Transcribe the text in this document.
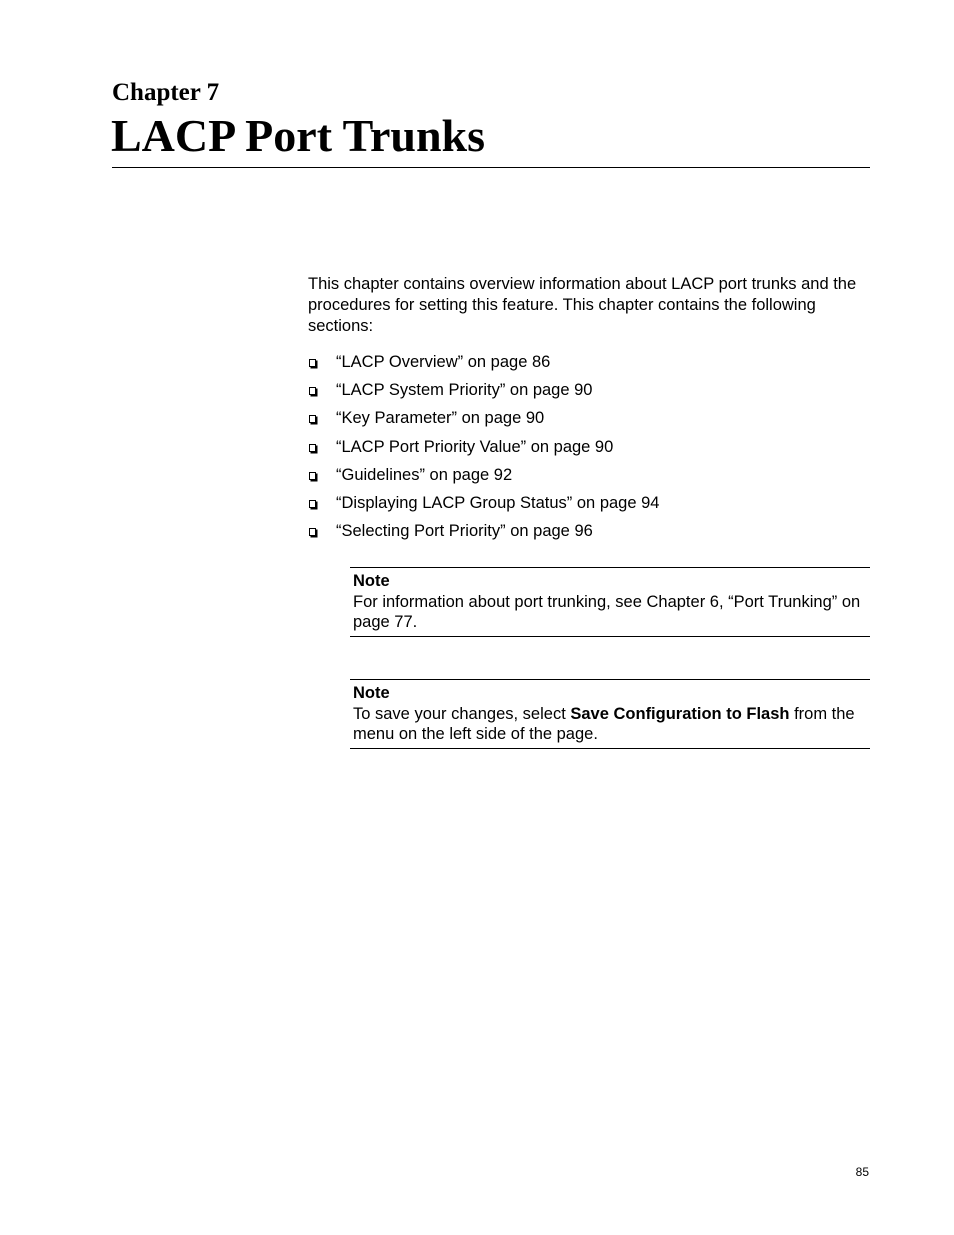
Chapter 7
LACP Port Trunks

This chapter contains overview information about LACP port trunks and the procedures for setting this feature. This chapter contains the following sections:

“LACP Overview” on page 86
“LACP System Priority” on page 90
“Key Parameter” on page 90
“LACP Port Priority Value” on page 90
“Guidelines” on page 92
“Displaying LACP Group Status” on page 94
“Selecting Port Priority” on page 96
Note
For information about port trunking, see Chapter 6, “Port Trunking” on page 77.
Note
To save your changes, select Save Configuration to Flash from the menu on the left side of the page.
85
